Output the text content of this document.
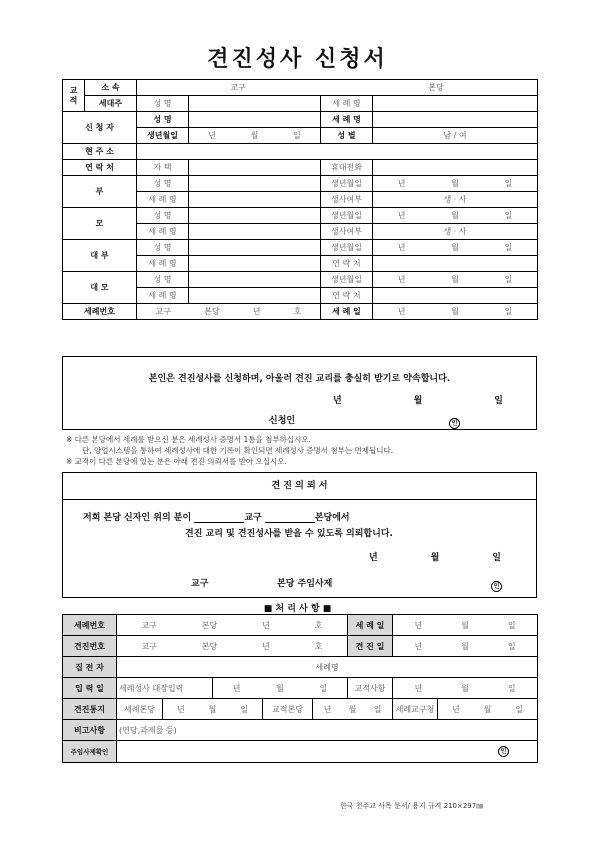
견진성사 신청서
교
적	소 속	교구 본당			

	세대주	성 명		세 례 명	
신 청 자		성 명		세 례 명	
		생년월일	년 월 일	성 별	남 / 여
현 주 소					
연 락 처		자 택		휴대전화	
부		성 명		생년월일	년 월 일

		세 례 명		생사여부	생 · 사
모		성 명		생년월일	년 월 일

		세 례 명		생사여부	생 · 사
대 부		성 명		생년월일	년 월 일

		세 례 명		연 락 처	
대 모		성 명		생년월일	년 월 일

		세 례 명		연 락 처	
세례번호		교구 본당 년 호		세 례 일	년 월 일
본인은 견진성사를 신청하며, 아울러 견진 교리를 충실히 받기로 약속합니다.
년	월	일
신청인	인
※ 다른 본당에서 세례를 받으신 분은 세례성사 증명서 1통을 첨부하십시오.
단, 양업시스템을 통하여 세례성사에 대한 기록이 확인되면 세례성사 증명서 첨부는 면제됩니다.
※ 교적이 다른 본당에 있는 분은 아래 견진 의뢰서를 받아 오십시오.
견 진 의 뢰 서
저희 본당 신자인 위의 분이	교구	본당에서
견진 교리 및 견진성사를 받을 수 있도록 의뢰합니다.
년	월	일
교구	본당 주임사제	인
■ 처 리 사 항 ■
세례번호	교구 본당 년 호					세 례 일	년 월 일	

견진번호	교구 본당 년 호					견 진 일	년 월 일	

집 전 자	세례명							
입 력 일	세례성사 대장입력		년 월 일			교적사항	년 월 일	

견진통지	세례본당	년 월 일		교적본당	년 월 일		세례교구청	년 월 일

비고사항	(연당,과제물 등)							
주임사제확인	인							
한국 천주교 사목 문서/ 용지 규격 210×297㎜
